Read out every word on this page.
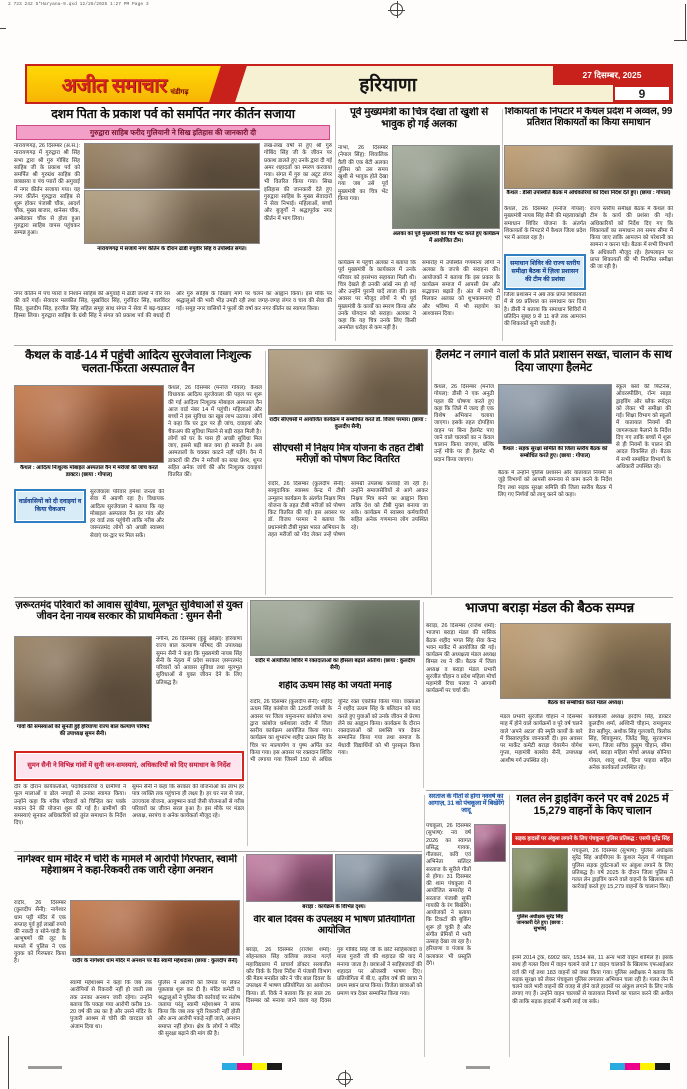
2 723 242 5*Haryana-9.qxd 12/26/2025 1:27 PM Page 3
अजीत समाचार चंडीगढ़	हरियाणा	27 दिसम्बर, 2025
9
दशम पिता के प्रकाश पर्व को समर्पित नगर कीर्तन सजाया
गुरुद्वारा साहिब फरीद गुलियानी ने सिख इतिहास की जानकारी दी
नारायणगढ़, 26 दिसम्बर (अ.स.): नारायणगढ़ में गुरुद्वारा श्री सिंह सभा द्वारा श्री गुरु गोबिंद सिंह साहिब जी के प्रकाश पर्व को समर्पित श्री गुरुग्रंथ साहिब की छत्रछाया व पंच प्यारों की अगुवाई में नगर कीर्तन सजाया गया। यह नगर कीर्तन गुरुद्वारा साहिब से शुरू होकर पंजाबी चौंक, आदर्श चौंक, मुख्य बाजार, थानेसर चौंक, अम्बेडकर चौंक से होता हुआ गुरुद्वारा साहिब वापस पहुंचकर सम्पन्न हुआ।
नारायणगढ़ में सजाये नगर कीर्तन के दौरान ढाडी रुपुवीर सिंह व उपस्थित संगत।
लख-लख वर्षों से हुए श्री गुरु गोबिंद सिंह जी के जीवन पर प्रकाश डालते हुए उनके द्वारा दी गई अमर शहादतों का स्मरण करवाया गया। संगत में गुरु का अटूट लंगर भी वितरित किया गया। सिख इतिहास की जानकारी देते हुए गुरुद्वारा साहिब के मुख्य सेवादारों ने सेवा निभाई। महिलाओं, बच्चों और बुजुर्गों ने श्रद्धापूर्वक नगर कीर्तन में भाग लिया।
नगर कीर्तन में पंच प्यारों व निशान साहिब की अगुवाई में ढाडी जत्थों ने वीर रस की वारें गाईं। सेवादार मलकीत सिंह, सुखविंदर सिंह, गुरविंदर सिंह, बलविंदर सिंह, कुलदीप सिंह, हरजीत सिंह सहित समूह साध संगत ने सेवा में बढ़-चढ़कर हिस्सा लिया। गुरुद्वारा साहिब के ग्रंथी सिंह ने संगत को प्रकाश पर्व की बधाई दी और गुरु साहिब के दिखाए मार्ग पर चलने का आह्वान किया। इस मौके पर श्रद्धालुओं की भारी भीड़ उमड़ी रही तथा जगह-जगह लंगर व चाय की सेवा की गई। समूह नगर वासियों ने फूलों की वर्षा कर नगर कीर्तन का स्वागत किया।
पूर्व मुख्यमंत्री का चित्र देखा तो खुशी से भावुक हो गई अलका
नाभा, 26 दिसम्बर (नेपाल सिंह): शिवालिक वैली की एक बेटी अलका पुलिस को उस समय खुशी से भावुक होते देखा गया जब उसे पूर्व मुख्यमंत्री का चित्र भेंट किया गया।
अलका को पूर्व मुख्यमंत्री का चित्र भेंट करते हुए कार्यक्रम में आयोजित टीम।
कार्यक्रम में पहुंची अलका ने बताया कि पूर्व मुख्यमंत्री के कार्यकाल में उनके परिवार को हरसंभव सहायता मिली थी। चित्र देखते ही उनकी आंखें नम हो गईं और उन्होंने पुरानी यादें ताजा कीं। इस अवसर पर मौजूद लोगों ने भी पूर्व मुख्यमंत्री के कार्यों का स्मरण किया और उनके योगदान को सराहा। अलका ने कहा कि यह चित्र उनके लिए किसी अनमोल धरोहर से कम नहीं है।
समारोह में उपस्थित गणमान्य लोगों ने अलका के जज्बे की सराहना की। आयोजकों ने बताया कि इस प्रकार के कार्यक्रम समाज में आपसी प्रेम और सद्भावना बढ़ाते हैं। अंत में सभी ने मिलकर अलका को शुभकामनाएं दीं और भविष्य में भी सहयोग का आश्वासन दिया।
शिकायतों के निपटारे में कैथल प्रदेश में अव्वल, 99 प्रतिशत शिकायतों का किया समाधान
कैथल : डीसी उपस्थिति बैठक में अधिकारियों को दिशा निर्देश देते हुए। (छाया : गोपाल)
कैथल, 26 दिसम्बर (मनोज गोयल): मुख्यमंत्री नायब सिंह सैनी की महत्वाकांक्षी समाधान शिविर योजना के अंतर्गत शिकायतों के निपटारे में कैथल जिला प्रदेश भर में अव्वल रहा है।
समाधान शिविर की राज्य स्तरीय समीक्षा बैठक में ज़िला प्रशासन की टीम की प्रशंसा
जिला प्रशासन ने अब तक प्राप्त शिकायतों में से 99 प्रतिशत का समाधान कर दिया है। डीसी ने बताया कि समाधान शिविरों में प्रतिदिन सुबह 9 से 11 बजे तक आमजन की शिकायतें सुनी जाती हैं।
राज्य स्तरीय समीक्षा बैठक में कैथल की टीम के कार्य की प्रशंसा की गई। अधिकारियों को निर्देश दिए गए कि शिकायतों का समाधान तय समय सीमा में किया जाए ताकि आमजन को परेशानी का सामना न करना पड़े। बैठक में सभी विभागों के अधिकारी मौजूद रहे। हेल्पलाइन पर प्राप्त शिकायतों की भी नियमित समीक्षा की जा रही है।
कैथल के वार्ड-14 में पहुंची आदित्य सुरजेवाला निःशुल्क चलता-फिरता अस्पताल वैन
कैथल : आदित्य निःशुल्क मोबाइल अस्पताल वैन में मरीजों की जांच करते डाक्टर। (छाया : गोपाल)
वार्डवासियों को दी दवाइयां व किया चैकअप
सुरजेवाला परिवार हमेशा जनता की सेवा में अग्रणी रहा है। विधायक आदित्य सुरजेवाला ने बताया कि यह मोबाइल अस्पताल वैन हर गांव और हर वार्ड तक पहुंचेगी ताकि गरीब और जरूरतमंद लोगों को अच्छी स्वास्थ्य सेवाएं घर-द्वार पर मिल सकें।
कैथल, 26 दिसम्बर (मनोज गोयल): कैथल विधायक आदित्य सुरजेवाला की पहल पर शुरू की गई आदित्य निःशुल्क मोबाइल अस्पताल वैन आज वार्ड नंबर 14 में पहुंची। महिलाओं और बच्चों ने इस सुविधा का खूब लाभ उठाया। लोगों ने कहा कि घर द्वार पर ही जांच, दवाइयां और चैकअप की सुविधा मिलने से बड़ी राहत मिली है।
लोगों को घर के पास ही अच्छी सुविधा मिल जाए, इससे बड़ी बात क्या हो सकती है। अब अस्पतालों के चक्कर काटने नहीं पड़ेंगे। वैन में डाक्टरों की टीम ने मरीजों का ब्लड प्रेशर, शुगर सहित अनेक जांचें कीं और निःशुल्क दवाइयां वितरित कीं।
रादौर सीएचसी में आयोजित कार्यक्रम में सम्बोधित करते डॉ. विजय परमार। (छाया : कुलदीप सैनी)
सीएचसी में निक्षय मित्र योजना के तहत टीबी मरीज़ों को पोषण किट वितरित
रादौर, 26 दिसम्बर (कुलदीप सैनी): सामुदायिक स्वास्थ्य केन्द्र में टीबी उन्मूलन कार्यक्रम के अंतर्गत निक्षय मित्र योजना के तहत टीबी मरीजों को पोषण किट वितरित की गईं। इस अवसर पर डॉ. विजय परमार ने बताया कि प्रधानमंत्री टीबी मुक्त भारत अभियान के तहत मरीजों को गोद लेकर उन्हें पोषण सामग्री उपलब्ध करवाई जा रही है। उन्होंने समाजसेवियों से आगे आकर निक्षय मित्र बनने का आह्वान किया ताकि देश को टीबी मुक्त बनाया जा सके। कार्यक्रम में स्वास्थ्य कर्मचारियों सहित अनेक गणमान्य लोग उपस्थित रहे।
हैलमेट न लगाने वालों के प्रति प्रशासन सख्त, चालान के साथ दिया जाएगा हैलमेट
कैथल, 26 दिसम्बर (मनोज गोयल): डीसी ने एक अनूठी पहल की घोषणा करते हुए कहा कि जिले में जल्द ही एक विशेष अभियान चलाया जाएगा। इसके तहत दोपहिया वाहन पर बिना हैलमेट पाए जाने वाले चालकों का न केवल चालान किया जाएगा, बल्कि उन्हें मौके पर ही हैलमेट भी प्रदान किया जाएगा।
कैथल : सड़क सुरक्षा समिति की जिला स्तरीय बैठक को सम्बोधित करते हुए। (छाया : गोपाल)
बैठक में उन्होंने पुलिस प्रशासन और यातायात नियमों से जुड़े विभागों को आपसी समन्वय से काम करने के निर्देश दिए तथा सड़क सुरक्षा समिति की जिला स्तरीय बैठक में लिए गए निर्णयों को लागू करने को कहा।
स्कूल बसों की फिटनेस, ओवरस्पीडिंग, रॉन्ग साइड ड्राइविंग और ब्लैक स्पॉट्स को लेकर भी समीक्षा की गई। शिक्षा विभाग को स्कूलों में यातायात नियमों की जागरूकता फैलाने के निर्देश दिए गए ताकि बच्चों में शुरू से ही नियमों के पालन की आदत विकसित हो। बैठक में सभी सम्बंधित विभागों के अधिकारी उपस्थित रहे।
ज़रूरतमंद परिवारों को आवास सुविधा, मूलभूत सुविधाओं से युक्त जीवन देना नायब सरकार की प्राथमिकता : सुमन सैनी
गांवों की समस्याओं को सुनती हुईं हरियाणा राज्य बाल कल्याण परिषद की उपाध्यक्ष सुमन सैनी।
नगीना, 26 दिसम्बर (कुट्टू ओझा): हरियाणा राज्य बाल कल्याण परिषद की उपाध्यक्ष सुमन सैनी ने कहा कि मुख्यमंत्री नायब सिंह सैनी के नेतृत्व में प्रदेश सरकार ज़रूरतमंद परिवारों को आवास सुविधा तथा मूलभूत सुविधाओं से युक्त जीवन देने के लिए प्रतिबद्ध है।
सुमन सैनी ने विभिन्न गांवों में सुनी जन-समस्याएं, अधिकारियों को दिए समाधान के निर्देश
दौरे के दौरान कार्यकर्ताओं, पदाधिकारियों व ग्रामीणों ने फूल मालाओं व ढोल नगाड़ों से उनका स्वागत किया। उन्होंने कहा कि गरीब परिवारों को चिन्हित कर पक्के मकान देने की योजना शुरू की गई है। ग्रामीणों की समस्याएं सुनकर अधिकारियों को तुरंत समाधान के निर्देश दिए।
सुमन सैनी ने कहा कि सरकार की योजनाओं का लाभ हर पात्र व्यक्ति तक पहुंचाना ही लक्ष्य है। हर घर नल से जल, उज्ज्वला योजना, आयुष्मान कार्ड जैसी योजनाओं से गरीब परिवारों का जीवन सरल हुआ है। इस मौके पर मंडल अध्यक्ष, सरपंच व अनेक कार्यकर्ता मौजूद रहे।
रादौर में आयोजित शिविर में रक्तदाताओं का हौसला बढ़ाते अतिथि। (छाया : कुलदीप सैनी)
शहीद ऊधम सिंह की जयंती मनाई
रादौर, 26 दिसम्बर (कुलदीप सैनी): शहीद ऊधम सिंह कांबोज की 126वीं जयंती के अवसर पर जिला यमुनानगर कांबोज सभा द्वारा कांबोज धर्मशाला रादौर में जिला स्तरीय कार्यक्रम आयोजित किया गया। कार्यक्रम का शुभारंभ शहीद ऊधम सिंह के चित्र पर माल्यार्पण व पुष्प अर्पित कर किया गया। इस अवसर पर रक्तदान शिविर भी लगाया गया जिसमें 150 से अधिक यूनिट रक्त एकत्रित किया गया। वक्ताओं ने शहीद ऊधम सिंह के बलिदान को याद करते हुए युवाओं को उनके जीवन से प्रेरणा लेने का आह्वान किया। कार्यक्रम के दौरान रक्तदाताओं को प्रशस्ति पत्र देकर सम्मानित किया गया तथा समाज के मेधावी विद्यार्थियों को भी पुरस्कृत किया गया।
भाजपा बराड़ा मंडल की बैठक सम्पन्न
बराड़ा, 26 दिसम्बर (राजेश शर्मा): भाजपा बराड़ा मंडल की मासिक बैठक शहीद भगत सिंह सेवा केन्द्र भवन मार्केट में आयोजित की गई। कार्यक्रम की अध्यक्षता मंडल अध्यक्ष बिमल रथ ने की। बैठक में जिला अध्यक्ष व बराड़ा मंडल प्रभारी सुरजीत चौहान व प्रदेश महिला मोर्चा महामंत्री रिचा पलवा ने आगामी कार्यक्रमों पर चर्चा की।
बैठक को सम्बोधित करते मंडल अध्यक्ष।
मंडल प्रभारी सुरजीत चौहान ने दिसम्बर माह में होने वाले कार्यक्रमों व पूरे वर्ष चलने वाले 'अपने अटल' की स्मृति कार्यों के बारे में विस्तारपूर्वक जानकारी दी। इस अवसर पर मार्केट कमेटी बराड़ा चेयरमैन योगेश गुप्ता, महामंत्री बलसेव सैनी, उपाध्यक्ष आशीष गर्ग उपस्थित रहे।
कार्यकारी अध्यक्ष हरदीप सिंह, डाक्टर कुलदीप शर्मा, अश्विनी चौहान, रामकुमार डेरा सहींपुर, अशोक सिंह गुलजारी, त्रिलोक सिंह, शिवकुमार, जितेंद्र बिट्टू, सुरजभान फग्गा, जिला सचिव कुसुम चौहान, सीमा शर्मा, बराड़ा महिला मोर्चा अध्यक्ष सोनिया गोयल, शालू शर्मा, हिना पाहवा सहित अनेक कार्यकर्ता उपस्थित रहे।
सरताज के गीतों से होगा नववर्ष का आगाज़, 31 को पंचकूला में बिखेरेंगे जादू
पंचकूला, 26 दिसम्बर (सुभाष): नव वर्ष 2026 का स्वागत प्रसिद्ध गायक, गीतकार, कवि एवं अभिनेता सतिंदर सरताज के सुरीले गीतों से होगा। 31 दिसम्बर की शाम पंचकूला में आयोजित समारोह में सरताज पंजाबी सूफी गायकी के रंग बिखेरेंगे। आयोजकों ने बताया कि टिकटों की बुकिंग शुरू हो चुकी है और संगीत प्रेमियों में भारी उत्साह देखा जा रहा है। हरियाणा व पंजाब के कलाकार भी प्रस्तुति देंगे।
गलत लेन ड्राइविंग करने पर वर्ष 2025 में 15,279 वाहनों के किए चालान
सड़क हादसों पर अंकुश लगाने के लिए पंचकूला पुलिस प्रतिबद्ध : एसपी सुरेंद्र सिंह
पुलिस अधीक्षक सुरेंद्र सिंह जानकारी देते हुए। (छाया : सुभाष)
पंचकूला, 26 दिसम्बर (सुभाष): पुलिस अधीक्षक सुरेंद्र सिंह आईपीएस के कुशल नेतृत्व में पंचकूला पुलिस सड़क दुर्घटनाओं पर अंकुश लगाने के लिए प्रतिबद्ध है। वर्ष 2025 के दौरान जिला पुलिस ने गलत लेन ड्राइविंग करने वाले वाहनों के खिलाफ बड़ी कार्रवाई करते हुए 15,279 वाहनों के चालान किए।
इनमें 2014 ट्रक, 6902 कार, 1534 बस, 11 अन्य भारी वाहन शामिल हैं। इसके साथ ही गलत दिशा में वाहन चलाने वाले 17 वाहन चालकों के खिलाफ एफआईआर दर्ज की गई तथा 183 वाहनों को जब्त किया गया। पुलिस अधीक्षक ने बताया कि सड़क सुरक्षा को लेकर पंचकूला पुलिस लगातार अभियान चला रही है। गलत लेन में चलने वाले भारी वाहनों की वजह से होने वाले हादसों पर अंकुश लगाने के लिए नाके लगाए गए हैं। उन्होंने वाहन चालकों से यातायात नियमों का पालन करने की अपील की ताकि सड़क हादसों में कमी लाई जा सके।
नागेश्वर धाम मंदिर में चोरी के मामले में आरोपी गिरफ्तार, स्वामी महेशाश्रम ने कहा-रिकवरी तक जारी रहेगा अनशन
रादौर, 26 दिसम्बर (कुलदीप सैनी): नागेश्वर धाम पट्टी मंदिर में एक सप्ताह पूर्व हुई लाखों रुपये की नकदी व सोने-चांदी के आभूषणों की लूट के मामले में पुलिस ने एक युवक को गिरफ्तार किया है।	रादौर के नागेश्वर धाम मंदिर में अनशन पर बैठे स्वामी महेशदास। (छाया : कुलदीप सैनी)
स्वामी महेशाश्रम ने कहा कि जब तक आरोपियों से रिकवरी नहीं हो जाती तब तक उनका अनशन जारी रहेगा। उन्होंने बताया कि पकड़ा गया आरोपी करीब 19-20 वर्ष की उम्र का है और उसने मंदिर के पुजारी आश्रम से चोरी की वारदात को अंजाम दिया था।
पुलिस ने आरोपी को रिमांड पर लेकर पूछताछ शुरू कर दी है। मंदिर कमेटी व श्रद्धालुओं ने पुलिस की कार्रवाई पर संतोष जताया परंतु स्वामी महेशाश्रम ने साफ किया कि जब तक पूरी रिकवरी नहीं होती और अन्य आरोपी पकड़े नहीं जाते, अनशन समाप्त नहीं होगा। क्षेत्र के लोगों ने मंदिर की सुरक्षा बढ़ाने की मांग की है।
बराड़ा : कार्यक्रम के विभिन्न दृश्य।
वीर बाल दिवस के उपलक्ष्य में भाषण प्रतियोगिता आयोजित
बराड़ा, 26 दिसम्बर (राजेश शर्मा): सोहनलाल सिंह वालिया लवाना गर्ल्ज़ महाविद्यालय में प्राचार्य डॉक्टर सरबजीत कौर विर्क के दिशा निर्देश में पंजाबी विभाग की मैडम मनप्रीत कौर ने 'वीर बाल दिवस' के उपलक्ष्य में भाषण प्रतियोगिता का आयोजन किया। डॉ. विर्क ने बताया कि हर साल 26 दिसम्बर को मनाया जाने वाला यह दिवस गुरु गोबिंद सिंह जी के छोटे साहिबजादों व माता गुजरी जी की शहादत की याद में मनाया जाता है। छात्राओं ने साहिबजादों की शहादत पर ओजस्वी भाषण दिए। प्रतियोगिता में बी.ए. तृतीय वर्ष की छात्रा ने प्रथम स्थान प्राप्त किया। विजेता छात्राओं को प्रमाण पत्र देकर सम्मानित किया गया।
